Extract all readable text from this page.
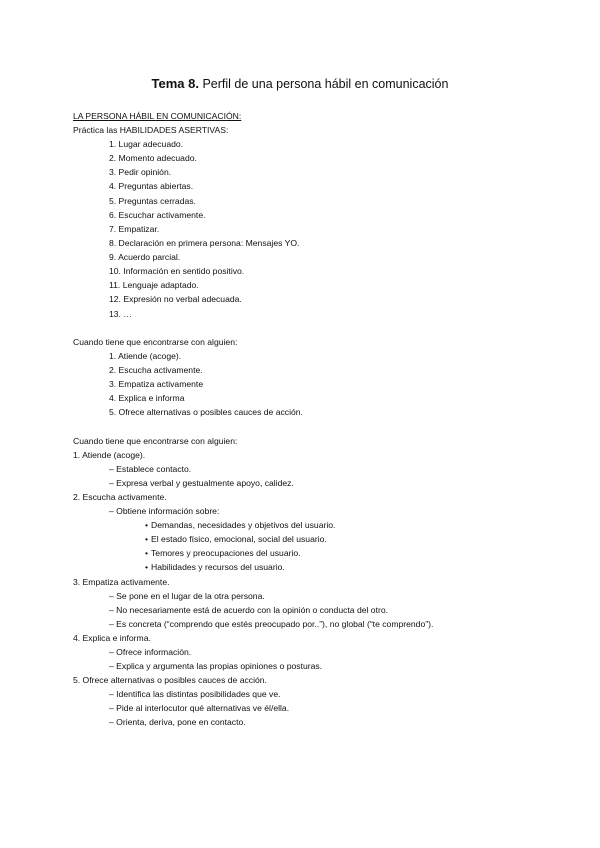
Tema 8. Perfil de una persona hábil en comunicación
LA PERSONA HÁBIL EN COMUNICACIÓN:
Práctica las HABILIDADES ASERTIVAS:
1. Lugar adecuado.
2. Momento adecuado.
3. Pedir opinión.
4. Preguntas abiertas.
5. Preguntas cerradas.
6. Escuchar activamente.
7. Empatizar.
8. Declaración en primera persona: Mensajes YO.
9. Acuerdo parcial.
10. Información en sentido positivo.
11. Lenguaje adaptado.
12. Expresión no verbal adecuada.
13. …
Cuando tiene que encontrarse con alguien:
1. Atiende (acoge).
2. Escucha activamente.
3. Empatiza activamente
4. Explica e informa
5. Ofrece alternativas o posibles cauces de acción.
Cuando tiene que encontrarse con alguien:
1. Atiende (acoge).
– Establece contacto.
– Expresa verbal y gestualmente apoyo, calidez.
2. Escucha activamente.
– Obtiene información sobre:
• Demandas, necesidades y objetivos del usuario.
• El estado físico, emocional, social del usuario.
• Temores y preocupaciones del usuario.
• Habilidades y recursos del usuario.
3. Empatiza activamente.
– Se pone en el lugar de la otra persona.
– No necesariamente está de acuerdo con la opinión o conducta del otro.
– Es concreta (“comprendo que estés preocupado por..”), no global (“te comprendo”).
4. Explica e informa.
– Ofrece información.
– Explica y argumenta las propias opiniones o posturas.
5. Ofrece alternativas o posibles cauces de acción.
– Identifica las distintas posibilidades que ve.
– Pide al interlocutor qué alternativas ve él/ella.
– Orienta, deriva, pone en contacto.
